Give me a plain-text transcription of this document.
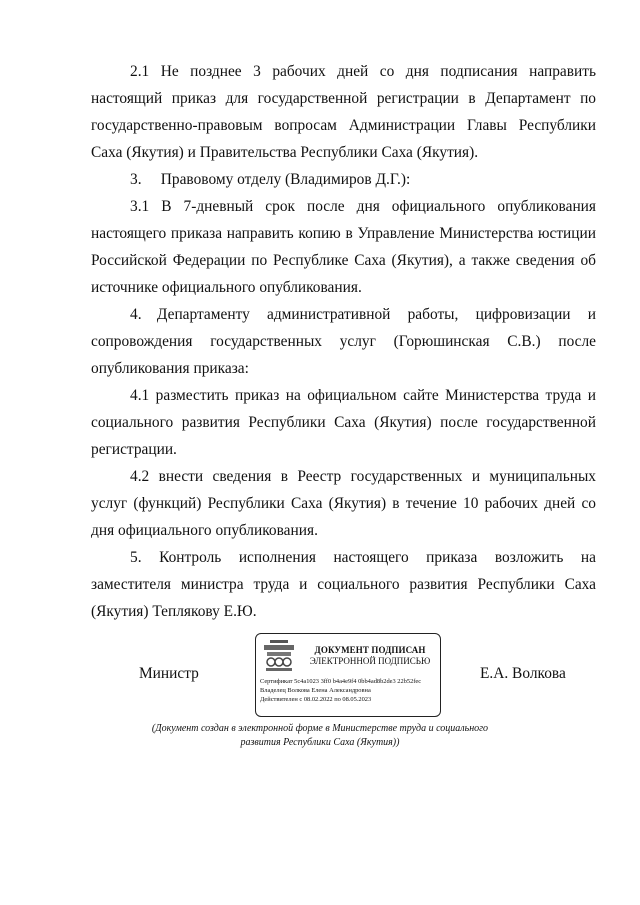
2.1 Не позднее 3 рабочих дней со дня подписания направить настоящий приказ для государственной регистрации в Департамент по государственно-правовым вопросам Администрации Главы Республики Саха (Якутия) и Правительства Республики Саха (Якутия).

3.  Правовому отделу (Владимиров Д.Г.):

3.1 В 7-дневный срок после дня официального опубликования настоящего приказа направить копию в Управление Министерства юстиции Российской Федерации по Республике Саха (Якутия), а также сведения об источнике официального опубликования.

4. Департаменту административной работы, цифровизации и сопровождения государственных услуг (Горюшинская С.В.) после опубликования приказа:

4.1 разместить приказ на официальном сайте Министерства труда и социального развития Республики Саха (Якутия) после государственной регистрации.

4.2 внести сведения в Реестр государственных и муниципальных услуг (функций) Республики Саха (Якутия) в течение 10 рабочих дней со дня официального опубликования.

5. Контроль исполнения настоящего приказа возложить на заместителя министра труда и социального развития Республики Саха (Якутия) Теплякову Е.Ю.

Министр
ДОКУМЕНТ ПОДПИСАН
ЭЛЕКТРОННОЙ ПОДПИСЬЮ
Сертификат 5c4a1023 3ff0 b4a4e9f4 0bb4ad8b2de3 22b52fec
Владелец Волкова Елена Александровна
Действителен с 08.02.2022 по 08.05.2023
Е.А. Волкова
(Документ создан в электронной форме в Министерстве труда и социального развития Республики Саха (Якутия))
